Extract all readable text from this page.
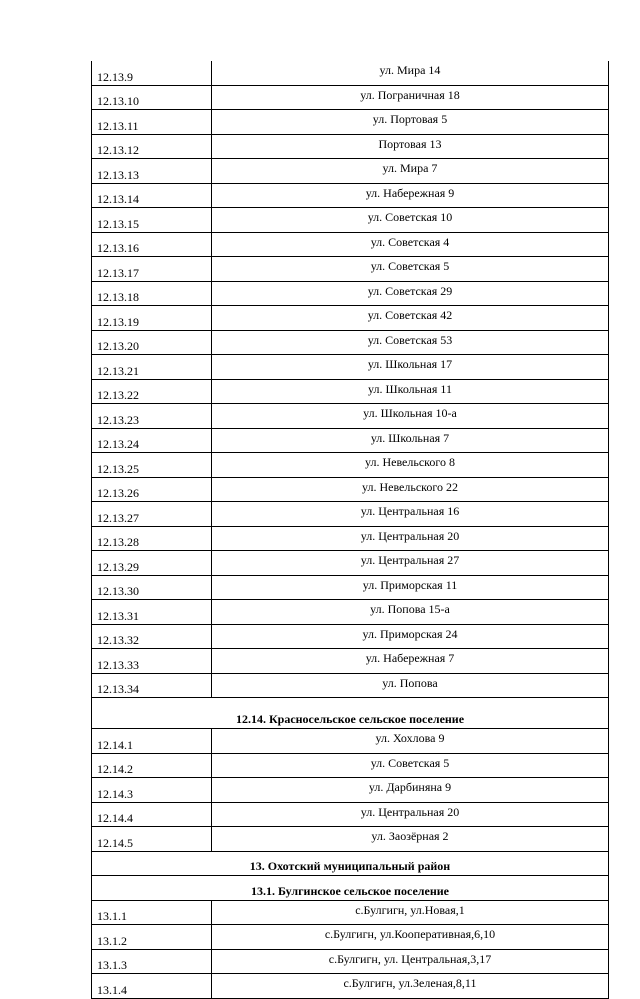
12.13.9	ул. Мира 14
12.13.10	ул. Пограничная 18
12.13.11	ул. Портовая 5
12.13.12	Портовая 13
12.13.13	ул. Мира 7
12.13.14	ул. Набережная 9
12.13.15	ул. Советская 10
12.13.16	ул. Советская 4
12.13.17	ул. Советская 5
12.13.18	ул. Советская 29
12.13.19	ул. Советская 42
12.13.20	ул. Советская 53
12.13.21	ул. Школьная 17
12.13.22	ул. Школьная 11
12.13.23	ул. Школьная 10-а
12.13.24	ул. Школьная 7
12.13.25	ул. Невельского 8
12.13.26	ул. Невельского 22
12.13.27	ул. Центральная 16
12.13.28	ул. Центральная 20
12.13.29	ул. Центральная 27
12.13.30	ул. Приморская 11
12.13.31	ул. Попова 15-а
12.13.32	ул. Приморская 24
12.13.33	ул. Набережная 7
12.13.34	ул. Попова
12.14. Красносельское сельское поселение	
12.14.1	ул. Хохлова 9
12.14.2	ул. Советская 5
12.14.3	ул. Дарбиняна 9
12.14.4	ул. Центральная 20
12.14.5	ул. Заозёрная 2
13. Охотский муниципальный район	
13.1. Булгинское сельское поселение	
13.1.1	с.Булгигн, ул.Новая,1
13.1.2	с.Булгигн, ул.Кооперативная,6,10
13.1.3	с.Булгигн, ул. Центральная,3,17
13.1.4	с.Булгигн, ул.Зеленая,8,11
